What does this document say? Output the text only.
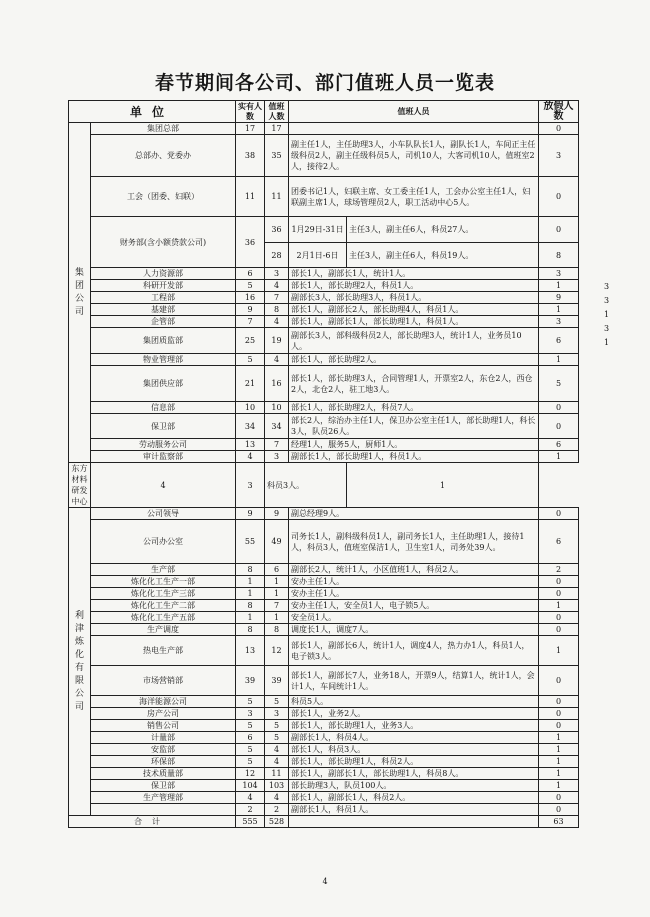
春节期间各公司、部门值班人员一览表
单位		实有人数	值班人数	值班人员		放假人数

集团公司	集团总部	17	17			0
	总部办、党委办	38	35	副主任1人，主任助理3人，小车队队长1人，副队长1人，车间正主任级科员2人，副主任级科员5人，司机10人，大客司机10人，值班室2人，接待2人。		3
	工会（团委、妇联）	11	11	团委书记1人，妇联主席、女工委主任1人，工会办公室主任1人，妇联副主席1人，球场管理员2人，职工活动中心5人。		0
	财务部(含小额贷款公司)	36	36	1月29日-31日	主任3人，副主任6人，科员27人。	0
			28	2月1日-6日	主任3人，副主任6人，科员19人。	8
	人力资源部	6	3	部长1人，副部长1人，统计1人。		3
	科研开发部	5	4	部长1人，部长助理2人，科员1人。		1
	工程部	16	7	副部长3人，部长助理3人，科员1人。		9
	基建部	9	8	部长1人，副部长2人，部长助理4人，科员1人。		1
	企管部	7	4	部长1人，副部长1人，部长助理1人，科员1人。		3
	集团质监部	25	19	副部长3人，部科级科员2人，部长助理3人，统计1人，业务员10人。		6
	物业管理部	5	4	部长1人，部长助理2人。		1
	集团供应部	21	16	部长1人，部长助理3人，合同管理1人，开票室2人，东仓2人，西仓2人，北仓2人，驻工地3人。		5
	信息部	10	10	部长1人，部长助理2人，科员7人。		0
	保卫部	34	34	部长2人，综治办主任1人，保卫办公室主任1人，部长助理1人，科长3人，队员26人。		0
	劳动服务公司	13	7	经理1人，服务5人，厨师1人。		6
	审计监察部	4	3	副部长1人，部长助理1人，科员1人。		1
东方材料研发中心	4	3	科员3人。		1	

利津炼化有限公司	公司领导	9	9	副总经理9人。		0
	公司办公室	55	49	司务长1人，副科级科员1人，副司务长1人，主任助理1人，接待1人，科员3人，值班室保洁1人，卫生室1人，司务处39人。		6
	生产部	8	6	副部长2人，统计1人，小区值班1人，科员2人。		2
	炼化化工生产一部	1	1	安办主任1人。		0
	炼化化工生产三部	1	1	安办主任1人。		0
	炼化化工生产二部	8	7	安办主任1人，安全员1人，电子锁5人。		1
	炼化化工生产五部	1	1	安全员1人。		0
	生产调度	8	8	调度长1人，调度7人。		0
	热电生产部	13	12	部长1人，副部长6人，统计1人，调度4人，热力办1人，科员1人，电子锁3人。		1
	市场营销部	39	39	部长1人，副部长7人，业务18人，开票9人，结算1人，统计1人，会计1人，车间统计1人。		0
	海洋能源公司	5	5	科员5人。		0
	房产公司	3	3	部长1人，业务2人。		0
	销售公司	5	5	部长1人，部长助理1人，业务3人。		0
	计量部	6	5	副部长1人，科员4人。		1
	安监部	5	4	部长1人，科员3人。		1
	环保部	5	4	部长1人，部长助理1人，科员2人。		1
	技术质量部	12	11	部长1人，副部长1人，部长助理1人，科员8人。		1
	保卫部	104	103	部长助理3人，队员100人。		1
	生产管理部	4	4	部长1人，副部长1人，科员2人。		0
		2	2	副部长1人，科员1人。		0
合计		555	528			63
3
3
1
3
1
4
